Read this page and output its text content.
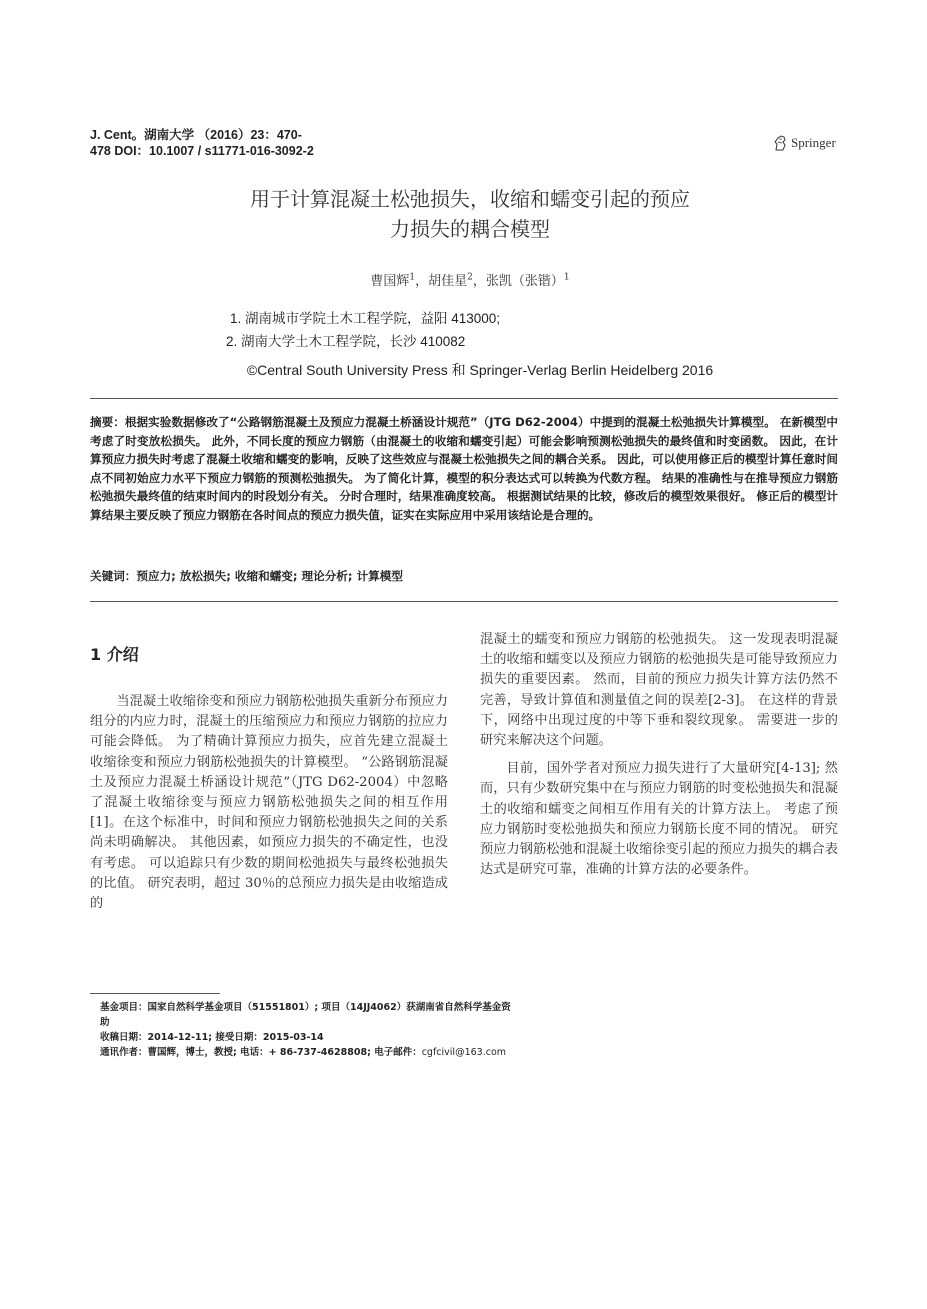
J. Cent。湖南大学 （2016）23：470-
478 DOI：10.1007 / s11771-016-3092-2
Springer
用于计算混凝土松弛损失，收缩和蠕变引起的预应
力损失的耦合模型
曹国辉$^1$，胡佳星$^2$，张凯（张锴）$^1$
1. 湖南城市学院土木工程学院，益阳 413000;
2. 湖南大学土木工程学院，长沙 410082
©Central South University Press 和 Springer-Verlag Berlin Heidelberg 2016
摘要：根据实验数据修改了“公路钢筋混凝土及预应力混凝土桥涵设计规范”（JTG D62-2004）中提到的混凝土松弛损失计算模型。 在新模型中考虑了时变放松损失。 此外，不同长度的预应力钢筋（由混凝土的收缩和蠕变引起）可能会影响预测松弛损失的最终值和时变函数。 因此，在计算预应力损失时考虑了混凝土收缩和蠕变的影响，反映了这些效应与混凝土松弛损失之间的耦合关系。 因此，可以使用修正后的模型计算任意时间点不同初始应力水平下预应力钢筋的预测松弛损失。 为了简化计算，模型的积分表达式可以转换为代数方程。 结果的准确性与在推导预应力钢筋松弛损失最终值的结束时间内的时段划分有关。 分时合理时，结果准确度较高。 根据测试结果的比较，修改后的模型效果很好。 修正后的模型计算结果主要反映了预应力钢筋在各时间点的预应力损失值，证实在实际应用中采用该结论是合理的。
关键词：预应力; 放松损失; 收缩和蠕变; 理论分析; 计算模型
1 介绍

当混凝土收缩徐变和预应力钢筋松弛损失重新分布预应力组分的内应力时，混凝土的压缩预应力和预应力钢筋的拉应力可能会降低。 为了精确计算预应力损失，应首先建立混凝土收缩徐变和预应力钢筋松弛损失的计算模型。 “公路钢筋混凝土及预应力混凝土桥涵设计规范”（JTG D62-2004）中忽略了混凝土收缩徐变与预应力钢筋松弛损失之间的相互作用[1]。在这个标准中，时间和预应力钢筋松弛损失之间的关系尚未明确解决。 其他因素，如预应力损失的不确定性，也没有考虑。 可以追踪只有少数的期间松弛损失与最终松弛损失的比值。 研究表明，超过 30％的总预应力损失是由收缩造成的

混凝土的蠕变和预应力钢筋的松弛损失。 这一发现表明混凝土的收缩和蠕变以及预应力钢筋的松弛损失是可能导致预应力损失的重要因素。 然而，目前的预应力损失计算方法仍然不完善，导致计算值和测量值之间的误差[2-3]。 在这样的背景下，网络中出现过度的中等下垂和裂纹现象。 需要进一步的研究来解决这个问题。

目前，国外学者对预应力损失进行了大量研究[4-13]; 然而，只有少数研究集中在与预应力钢筋的时变松弛损失和混凝土的收缩和蠕变之间相互作用有关的计算方法上。 考虑了预应力钢筋时变松弛损失和预应力钢筋长度不同的情况。 研究预应力钢筋松弛和混凝土收缩徐变引起的预应力损失的耦合表达式是研究可靠，准确的计算方法的必要条件。

基金项目：国家自然科学基金项目（51551801）; 项目（14JJ4062）获湖南省自然科学基金资
助
收稿日期：2014-12-11; 接受日期：2015-03-14
通讯作者：曹国辉，博士，教授; 电话：+ 86-737-4628808; 电子邮件：cgfcivil@163.com
